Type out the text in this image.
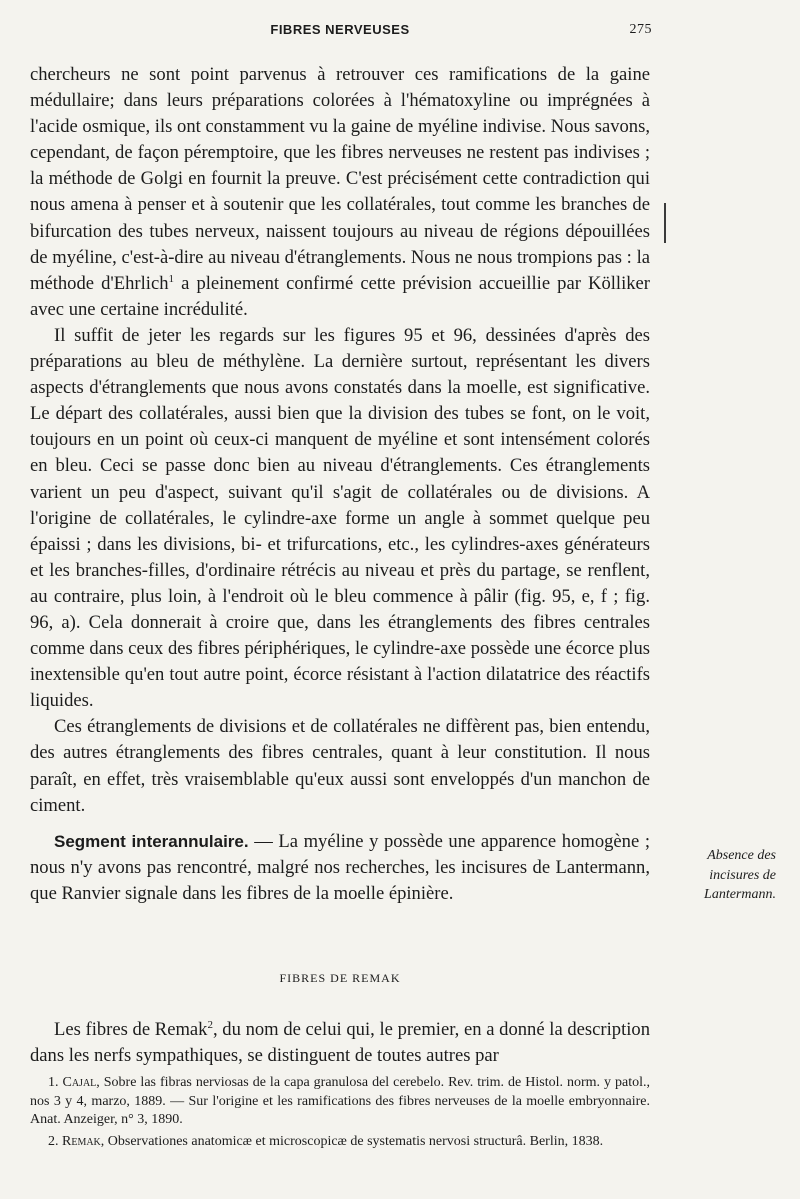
FIBRES NERVEUSES	275

chercheurs ne sont point parvenus à retrouver ces ramifications de la gaine médullaire; dans leurs préparations colorées à l'hématoxyline ou imprégnées à l'acide osmique, ils ont constamment vu la gaine de myéline indivise. Nous savons, cependant, de façon péremptoire, que les fibres nerveuses ne restent pas indivises ; la méthode de Golgi en fournit la preuve. C'est précisément cette contradiction qui nous amena à penser et à soutenir que les collatérales, tout comme les branches de bifurcation des tubes nerveux, naissent toujours au niveau de régions dépouillées de myéline, c'est-à-dire au niveau d'étranglements. Nous ne nous trompions pas : la méthode d'Ehrlich$^1$ a pleinement confirmé cette prévision accueillie par Kölliker avec une certaine incrédulité.

Il suffit de jeter les regards sur les figures 95 et 96, dessinées d'après des préparations au bleu de méthylène. La dernière surtout, représentant les divers aspects d'étranglements que nous avons constatés dans la moelle, est significative. Le départ des collatérales, aussi bien que la division des tubes se font, on le voit, toujours en un point où ceux-ci manquent de myéline et sont intensément colorés en bleu. Ceci se passe donc bien au niveau d'étranglements. Ces étranglements varient un peu d'aspect, suivant qu'il s'agit de collatérales ou de divisions. A l'origine de collatérales, le cylindre-axe forme un angle à sommet quelque peu épaissi ; dans les divisions, bi- et trifurcations, etc., les cylindres-axes générateurs et les branches-filles, d'ordinaire rétrécis au niveau et près du partage, se renflent, au contraire, plus loin, à l'endroit où le bleu commence à pâlir (fig. 95, e, f ; fig. 96, a). Cela donnerait à croire que, dans les étranglements des fibres centrales comme dans ceux des fibres périphériques, le cylindre-axe possède une écorce plus inextensible qu'en tout autre point, écorce résistant à l'action dilatatrice des réactifs liquides.

Ces étranglements de divisions et de collatérales ne diffèrent pas, bien entendu, des autres étranglements des fibres centrales, quant à leur constitution. Il nous paraît, en effet, très vraisemblable qu'eux aussi sont enveloppés d'un manchon de ciment.

Segment interannulaire. — La myéline y possède une apparence homogène ; nous n'y avons pas rencontré, malgré nos recherches, les incisures de Lantermann, que Ranvier signale dans les fibres de la moelle épinière.

FIBRES DE REMAK

Les fibres de Remak$^2$, du nom de celui qui, le premier, en a donné la description dans les nerfs sympathiques, se distinguent de toutes autres par

Absence des incisures de Lantermann.

1. Cajal, Sobre las fibras nerviosas de la capa granulosa del cerebelo. Rev. trim. de Histol. norm. y patol., nos 3 y 4, marzo, 1889. — Sur l'origine et les ramifications des fibres nerveuses de la moelle embryonnaire. Anat. Anzeiger, n° 3, 1890.

2. Remak, Observationes anatomicæ et microscopicæ de systematis nervosi structurâ. Berlin, 1838.
